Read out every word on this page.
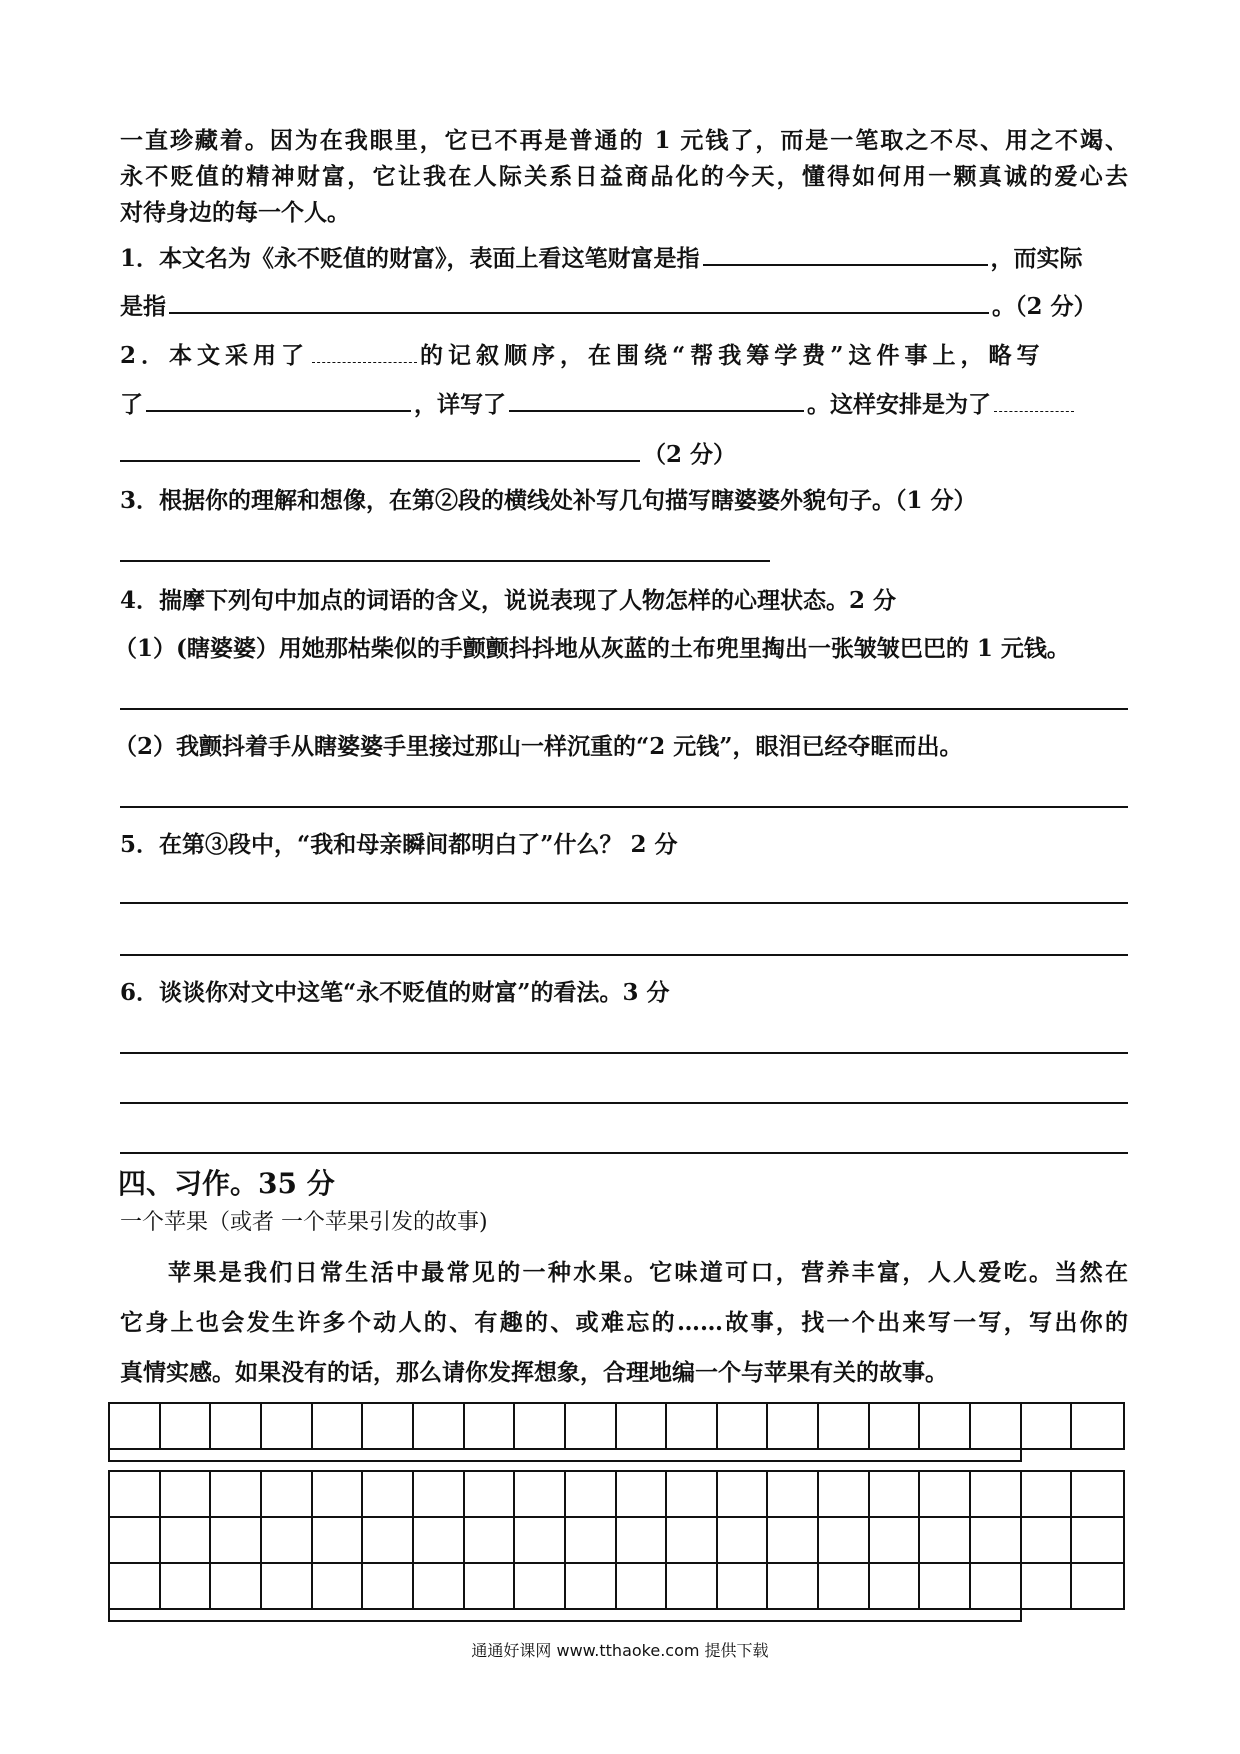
一直珍藏着。因为在我眼里，它已不再是普通的 1 元钱了，而是一笔取之不尽、用之不竭、
永不贬值的精神财富，它让我在人际关系日益商品化的今天，懂得如何用一颗真诚的爱心去
对待身边的每一个人。
1．本文名为《永不贬值的财富》，表面上看这笔财富是指	，而实际
是指	。（2 分）
2．本文采用了	的记叙顺序，在围绕“帮我筹学费”这件事上，略写
了	，详写了	。这样安排是为了
（2 分）
3．根据你的理解和想像，在第②段的横线处补写几句描写瞎婆婆外貌句子。（1 分）
4．揣摩下列句中加点的词语的含义，说说表现了人物怎样的心理状态。2 分
（1）(瞎婆婆）用她那枯柴似的手颤颤抖抖地从灰蓝的土布兜里掏出一张皱皱巴巴的 1 元钱。
（2）我颤抖着手从瞎婆婆手里接过那山一样沉重的“2 元钱”，眼泪已经夺眶而出。
5．在第③段中，“我和母亲瞬间都明白了”什么？ 2 分
6．谈谈你对文中这笔“永不贬值的财富”的看法。3 分
四、习作。35 分
一个苹果（或者 一个苹果引发的故事)
苹果是我们日常生活中最常见的一种水果。它味道可口，营养丰富，人人爱吃。当然在
它身上也会发生许多个动人的、有趣的、或难忘的……故事，找一个出来写一写，写出你的
真情实感。如果没有的话，那么请你发挥想象，合理地编一个与苹果有关的故事。
通通好课网 www.tthaoke.com 提供下载
